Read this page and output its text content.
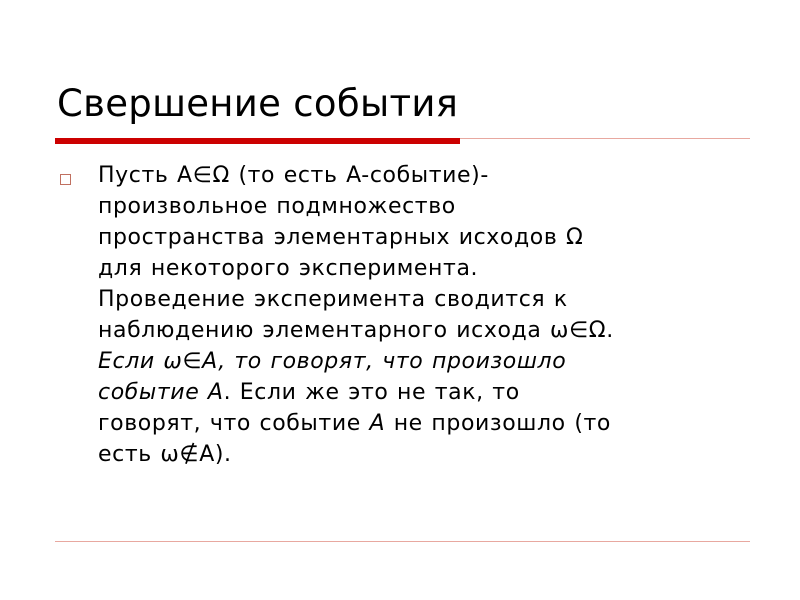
Свершение события

Пусть A∈Ω (то есть A-событие)-
произвольное подмножество
пространства элементарных исходов Ω
для некоторого эксперимента.
Проведение эксперимента сводится к
наблюдению элементарного исхода ω∈Ω.
Если ω∈A, то говорят, что произошло
событие A. Если же это не так, то
говорят, что событие A не произошло (то
есть ω∉A).
